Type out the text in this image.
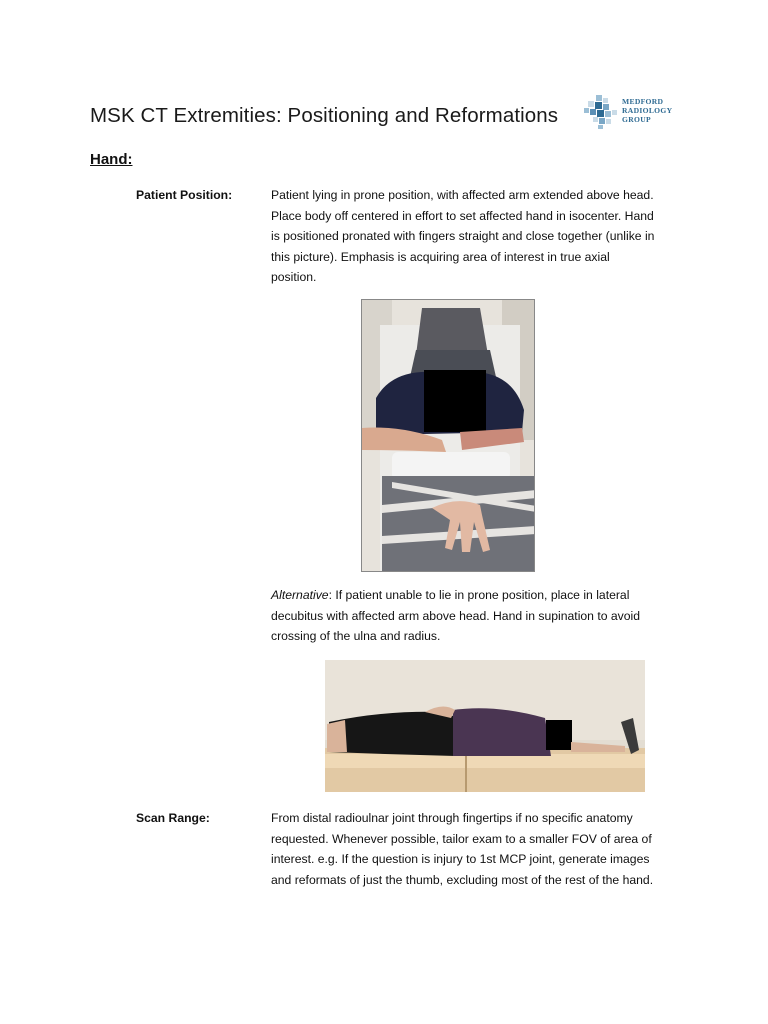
MSK CT Extremities: Positioning and Reformations
MEDFORD
RADIOLOGY
GROUP
Hand:
Patient Position:	Patient lying in prone position, with affected arm extended above head.
Place body off centered in effort to set affected hand in isocenter. Hand
is positioned pronated with fingers straight and close together (unlike in
this picture). Emphasis is acquiring area of interest in true axial
position.
Alternative: If patient unable to lie in prone position, place in lateral
decubitus with affected arm above head. Hand in supination to avoid
crossing of the ulna and radius.
Scan Range:	From distal radioulnar joint through fingertips if no specific anatomy
requested. Whenever possible, tailor exam to a smaller FOV of area of
interest. e.g. If the question is injury to 1st MCP joint, generate images
and reformats of just the thumb, excluding most of the rest of the hand.
